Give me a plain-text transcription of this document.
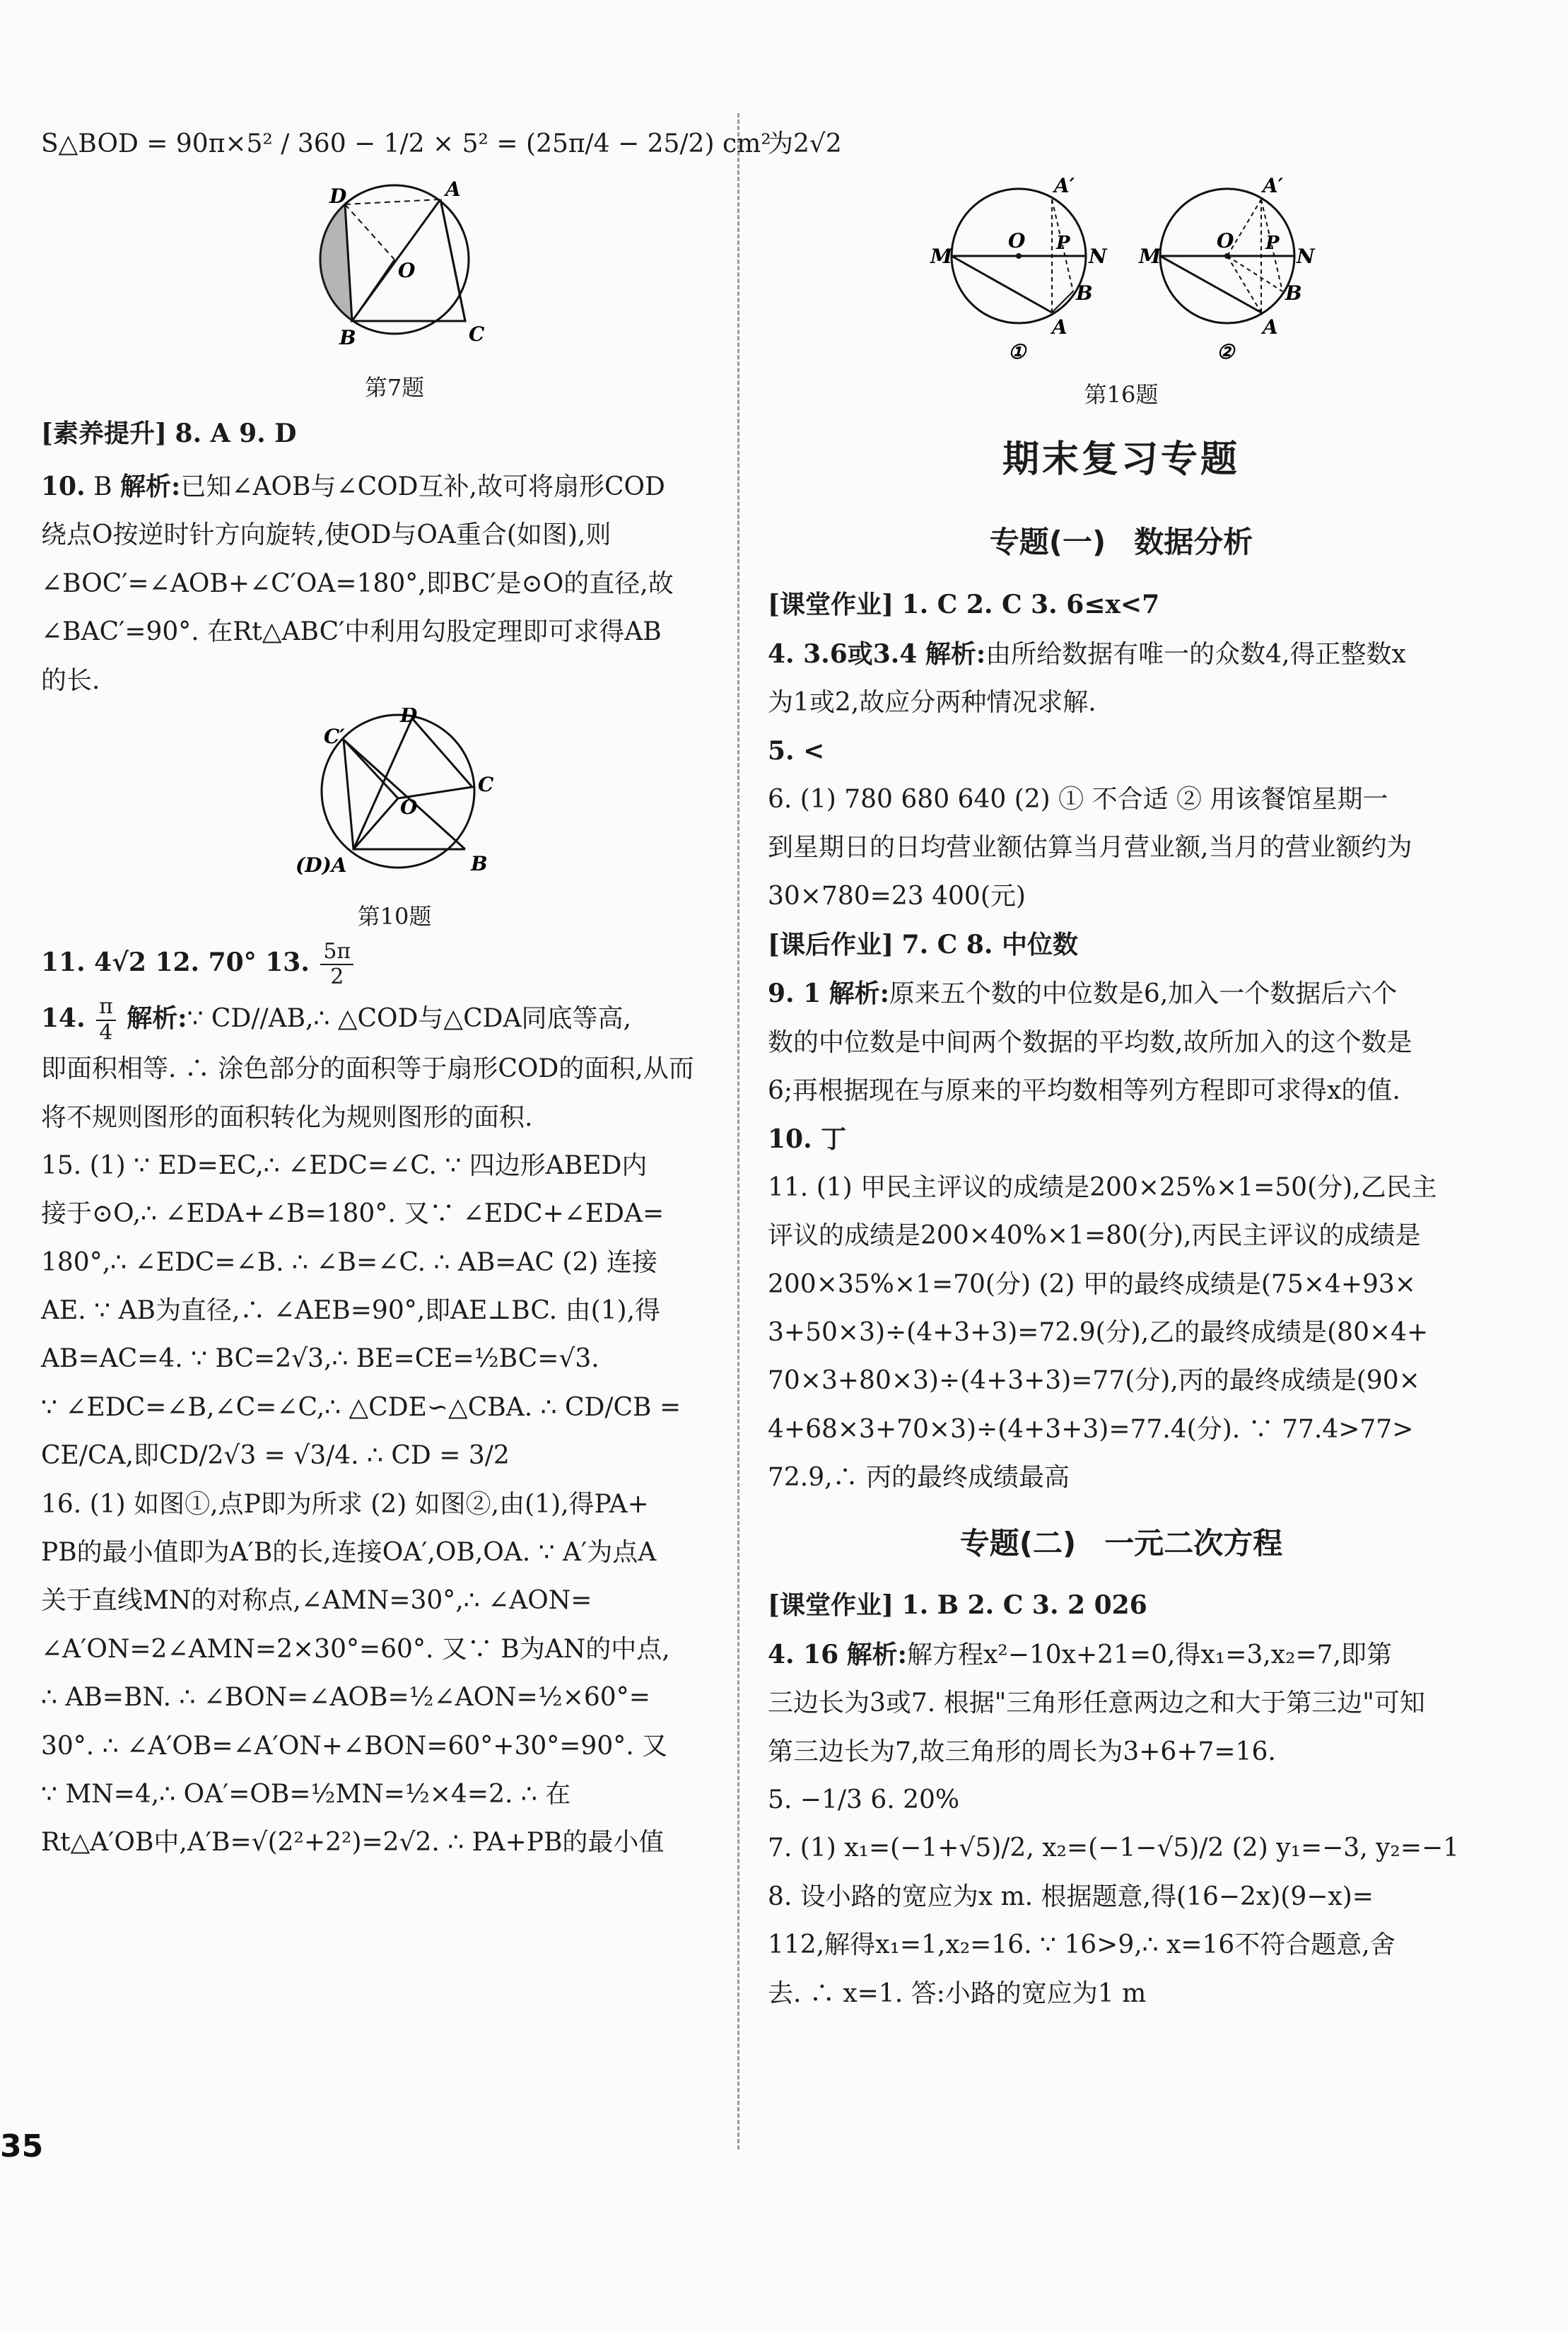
S△BOD = 90π×5² / 360 − 1/2 × 5² = (25π/4 − 25/2) cm²
D	A
O
B	C
第7题
[素养提升] 8. A 9. D
10. B 解析:已知∠AOB与∠COD互补,故可将扇形COD
绕点O按逆时针方向旋转,使OD与OA重合(如图),则
∠BOC′=∠AOB+∠C′OA=180°,即BC′是⊙O的直径,故
∠BAC′=90°. 在Rt△ABC′中利用勾股定理即可求得AB
的长.
D
C′
C
O
(D)A	B
第10题
11. 4√2 12. 70° 13. $\frac{5\pi}{2}$
14. $\frac{\pi}{4}$ 解析:∵ CD//AB,∴ △COD与△CDA同底等高,
即面积相等. ∴ 涂色部分的面积等于扇形COD的面积,从而
将不规则图形的面积转化为规则图形的面积.
15. (1) ∵ ED=EC,∴ ∠EDC=∠C. ∵ 四边形ABED内
接于⊙O,∴ ∠EDA+∠B=180°. 又∵ ∠EDC+∠EDA=
180°,∴ ∠EDC=∠B. ∴ ∠B=∠C. ∴ AB=AC (2) 连接
AE. ∵ AB为直径,∴ ∠AEB=90°,即AE⊥BC. 由(1),得
AB=AC=4. ∵ BC=2√3,∴ BE=CE=½BC=√3.
∵ ∠EDC=∠B,∠C=∠C,∴ △CDE∽△CBA. ∴ CD/CB =
CE/CA,即CD/2√3 = √3/4. ∴ CD = 3/2
16. (1) 如图①,点P即为所求 (2) 如图②,由(1),得PA+
PB的最小值即为A′B的长,连接OA′,OB,OA. ∵ A′为点A
关于直线MN的对称点,∠AMN=30°,∴ ∠AON=
∠A′ON=2∠AMN=2×30°=60°. 又∵ B为AN的中点,
∴ AB=BN. ∴ ∠BON=∠AOB=½∠AON=½×60°=
30°. ∴ ∠A′OB=∠A′ON+∠BON=60°+30°=90°. 又
∵ MN=4,∴ OA′=OB=½MN=½×4=2. ∴ 在
Rt△A′OB中,A′B=√(2²+2²)=2√2. ∴ PA+PB的最小值
为2√2
M
O
A′
P
N
B
A
①
M
O
A′
P
N
B
A
②
第16题
期末复习专题
专题(一) 数据分析
[课堂作业] 1. C 2. C 3. 6≤x<7
4. 3.6或3.4 解析:由所给数据有唯一的众数4,得正整数x
为1或2,故应分两种情况求解.
5. <
6. (1) 780 680 640 (2) ① 不合适 ② 用该餐馆星期一
到星期日的日均营业额估算当月营业额,当月的营业额约为
30×780=23 400(元)
[课后作业] 7. C 8. 中位数
9. 1 解析:原来五个数的中位数是6,加入一个数据后六个
数的中位数是中间两个数据的平均数,故所加入的这个数是
6;再根据现在与原来的平均数相等列方程即可求得x的值.
10. 丁
11. (1) 甲民主评议的成绩是200×25%×1=50(分),乙民主
评议的成绩是200×40%×1=80(分),丙民主评议的成绩是
200×35%×1=70(分) (2) 甲的最终成绩是(75×4+93×
3+50×3)÷(4+3+3)=72.9(分),乙的最终成绩是(80×4+
70×3+80×3)÷(4+3+3)=77(分),丙的最终成绩是(90×
4+68×3+70×3)÷(4+3+3)=77.4(分). ∵ 77.4>77>
72.9,∴ 丙的最终成绩最高
专题(二) 一元二次方程
[课堂作业] 1. B 2. C 3. 2 026
4. 16 解析:解方程x²−10x+21=0,得x₁=3,x₂=7,即第
三边长为3或7. 根据"三角形任意两边之和大于第三边"可知
第三边长为7,故三角形的周长为3+6+7=16.
5. −1/3 6. 20%
7. (1) x₁=(−1+√5)/2, x₂=(−1−√5)/2 (2) y₁=−3, y₂=−1
8. 设小路的宽应为x m. 根据题意,得(16−2x)(9−x)=
112,解得x₁=1,x₂=16. ∵ 16>9,∴ x=16不符合题意,舍
去. ∴ x=1. 答:小路的宽应为1 m
35
